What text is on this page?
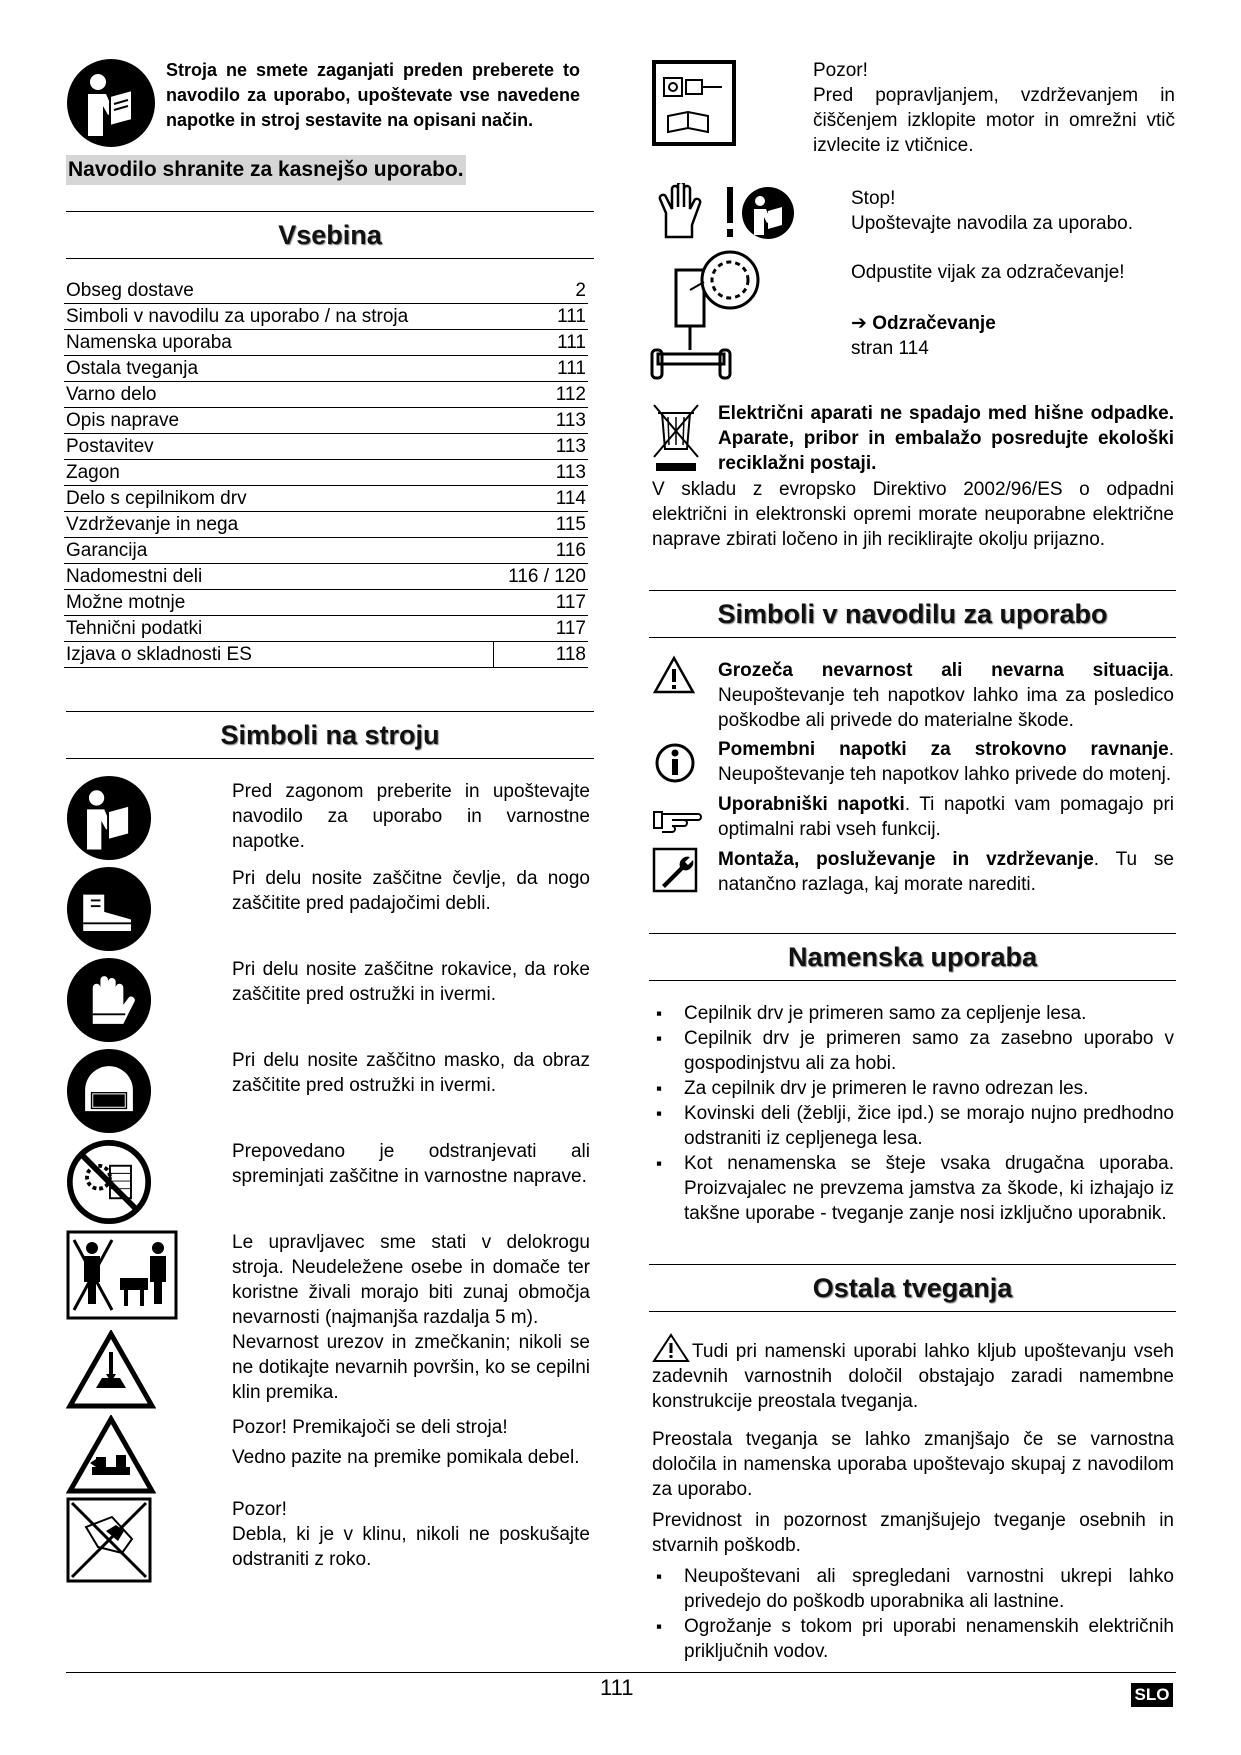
Stroja ne smete zaganjati preden preberete to navodilo za uporabo, upoštevate vse navedene napotke in stroj sestavite na opisani način.
Navodilo shranite za kasnejšo uporabo.
Vsebina
Obseg dostave	2
Simboli v navodilu za uporabo / na stroja	111
Namenska uporaba	111
Ostala tveganja	111
Varno delo	112
Opis naprave	113
Postavitev	113
Zagon	113
Delo s cepilnikom drv	114
Vzdrževanje in nega	115
Garancija	116
Nadomestni deli	116 / 120
Možne motnje	117
Tehnični podatki	117
Izjava o skladnosti ES	118
Simboli na stroju
Pred zagonom preberite in upoštevajte navodilo za uporabo in varnostne napotke.
Pri delu nosite zaščitne čevlje, da nogo zaščitite pred padajočimi debli.
Pri delu nosite zaščitne rokavice, da roke zaščitite pred ostružki in ivermi.
Pri delu nosite zaščitno masko, da obraz zaščitite pred ostružki in ivermi.
Prepovedano je odstranjevati ali spreminjati zaščitne in varnostne naprave.
Le upravljavec sme stati v delokrogu stroja. Neudeležene osebe in domače ter koristne živali morajo biti zunaj območja nevarnosti (najmanjša razdalja 5 m).
Nevarnost urezov in zmečkanin; nikoli se ne dotikajte nevarnih površin, ko se cepilni klin premika.
Pozor! Premikajoči se deli stroja!
Vedno pazite na premike pomikala debel.
Pozor!
Debla, ki je v klinu, nikoli ne poskušajte odstraniti z roko.
Pozor!
Pred popravljanjem, vzdrževanjem in čiščenjem izklopite motor in omrežni vtič izvlecite iz vtičnice.
Stop!
Upoštevajte navodila za uporabo.
Odpustite vijak za odzračevanje!
➔ Odzračevanje
stran 114
Električni aparati ne spadajo med hišne odpadke. Aparate, pribor in embalažo posredujte ekološki reciklažni postaji.
V skladu z evropsko Direktivo 2002/96/ES o odpadni električni in elektronski opremi morate neuporabne električne naprave zbirati ločeno in jih reciklirajte okolju prijazno.
Simboli v navodilu za uporabo
Grozeča nevarnost ali nevarna situacija. Neupoštevanje teh napotkov lahko ima za posledico poškodbe ali privede do materialne škode.
Pomembni napotki za strokovno ravnanje. Neupoštevanje teh napotkov lahko privede do motenj.
Uporabniški napotki. Ti napotki vam pomagajo pri optimalni rabi vseh funkcij.
Montaža, posluževanje in vzdrževanje. Tu se natančno razlaga, kaj morate narediti.
Namenska uporaba
▪ Cepilnik drv je primeren samo za cepljenje lesa.
▪ Cepilnik drv je primeren samo za zasebno uporabo v gospodinjstvu ali za hobi.
▪ Za cepilnik drv je primeren le ravno odrezan les.
▪ Kovinski deli (žeblji, žice ipd.) se morajo nujno predhodno odstraniti iz cepljenega lesa.
▪ Kot nenamenska se šteje vsaka drugačna uporaba. Proizvajalec ne prevzema jamstva za škode, ki izhajajo iz takšne uporabe - tveganje zanje nosi izključno uporabnik.
Ostala tveganja
Tudi pri namenski uporabi lahko kljub upoštevanju vseh zadevnih varnostnih določil obstajajo zaradi namembne konstrukcije preostala tveganja.
Preostala tveganja se lahko zmanjšajo če se varnostna določila in namenska uporaba upoštevajo skupaj z navodilom za uporabo.
Previdnost in pozornost zmanjšujejo tveganje osebnih in stvarnih poškodb.
▪ Neupoštevani ali spregledani varnostni ukrepi lahko privedejo do poškodb uporabnika ali lastnine.
▪ Ogrožanje s tokom pri uporabi nenamenskih električnih priključnih vodov.
111	SLO
